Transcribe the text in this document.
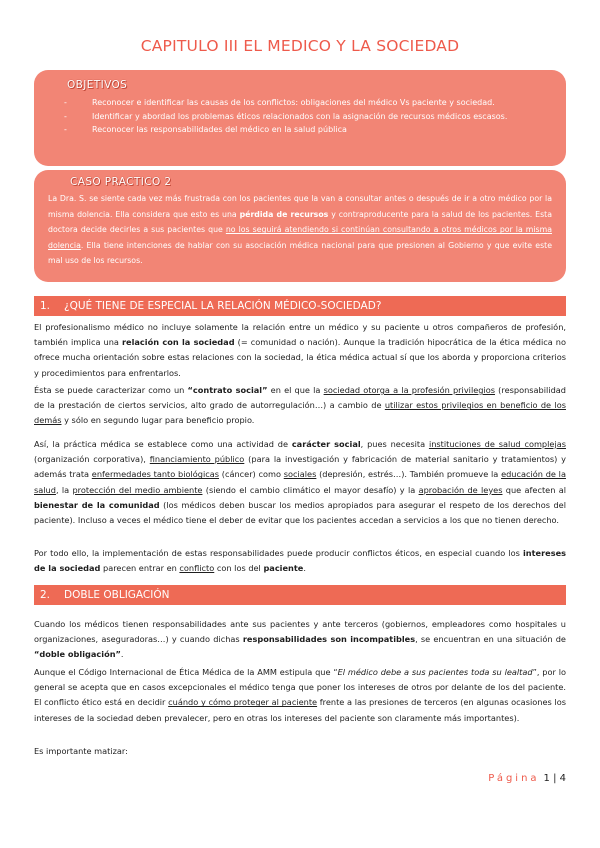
CAPITULO III EL MEDICO Y LA SOCIEDAD
OBJETIVOS
-	Reconocer e identificar las causas de los conflictos: obligaciones del médico Vs paciente y sociedad.
-	Identificar y abordad los problemas éticos relacionados con la asignación de recursos médicos escasos.
-	Reconocer las responsabilidades del médico en la salud pública
CASO PRACTICO 2

La Dra. S. se siente cada vez más frustrada con los pacientes que la van a consultar antes o después de ir a otro médico por la misma dolencia. Ella considera que esto es una pérdida de recursos y contraproducente para la salud de los pacientes. Esta doctora decide decirles a sus pacientes que no los seguirá atendiendo si continúan consultando a otros médicos por la misma dolencia. Ella tiene intenciones de hablar con su asociación médica nacional para que presionen al Gobierno y que evite este mal uso de los recursos.

1. ¿QUÉ TIENE DE ESPECIAL LA RELACIÓN MÉDICO-SOCIEDAD?

El profesionalismo médico no incluye solamente la relación entre un médico y su paciente u otros compañeros de profesión, también implica una relación con la sociedad (= comunidad o nación). Aunque la tradición hipocrática de la ética médica no ofrece mucha orientación sobre estas relaciones con la sociedad, la ética médica actual sí que los aborda y proporciona criterios y procedimientos para enfrentarlos.

Ésta se puede caracterizar como un “contrato social” en el que la sociedad otorga a la profesión privilegios (responsabilidad de la prestación de ciertos servicios, alto grado de autorregulación…) a cambio de utilizar estos privilegios en beneficio de los demás y sólo en segundo lugar para beneficio propio.

Así, la práctica médica se establece como una actividad de carácter social, pues necesita instituciones de salud complejas (organización corporativa), financiamiento público (para la investigación y fabricación de material sanitario y tratamientos) y además trata enfermedades tanto biológicas (cáncer) como sociales (depresión, estrés…). También promueve la educación de la salud, la protección del medio ambiente (siendo el cambio climático el mayor desafío) y la aprobación de leyes que afecten al bienestar de la comunidad (los médicos deben buscar los medios apropiados para asegurar el respeto de los derechos del paciente). Incluso a veces el médico tiene el deber de evitar que los pacientes accedan a servicios a los que no tienen derecho.

Por todo ello, la implementación de estas responsabilidades puede producir conflictos éticos, en especial cuando los intereses de la sociedad parecen entrar en conflicto con los del paciente.

2. DOBLE OBLIGACIÓN

Cuando los médicos tienen responsabilidades ante sus pacientes y ante terceros (gobiernos, empleadores como hospitales u organizaciones, aseguradoras…) y cuando dichas responsabilidades son incompatibles, se encuentran en una situación de “doble obligación”.

Aunque el Código Internacional de Ética Médica de la AMM estipula que “El médico debe a sus pacientes toda su lealtad”, por lo general se acepta que en casos excepcionales el médico tenga que poner los intereses de otros por delante de los del paciente. El conflicto ético está en decidir cuándo y cómo proteger al paciente frente a las presiones de terceros (en algunas ocasiones los intereses de la sociedad deben prevalecer, pero en otras los intereses del paciente son claramente más importantes).

Es importante matizar:

Página 1 | 4
